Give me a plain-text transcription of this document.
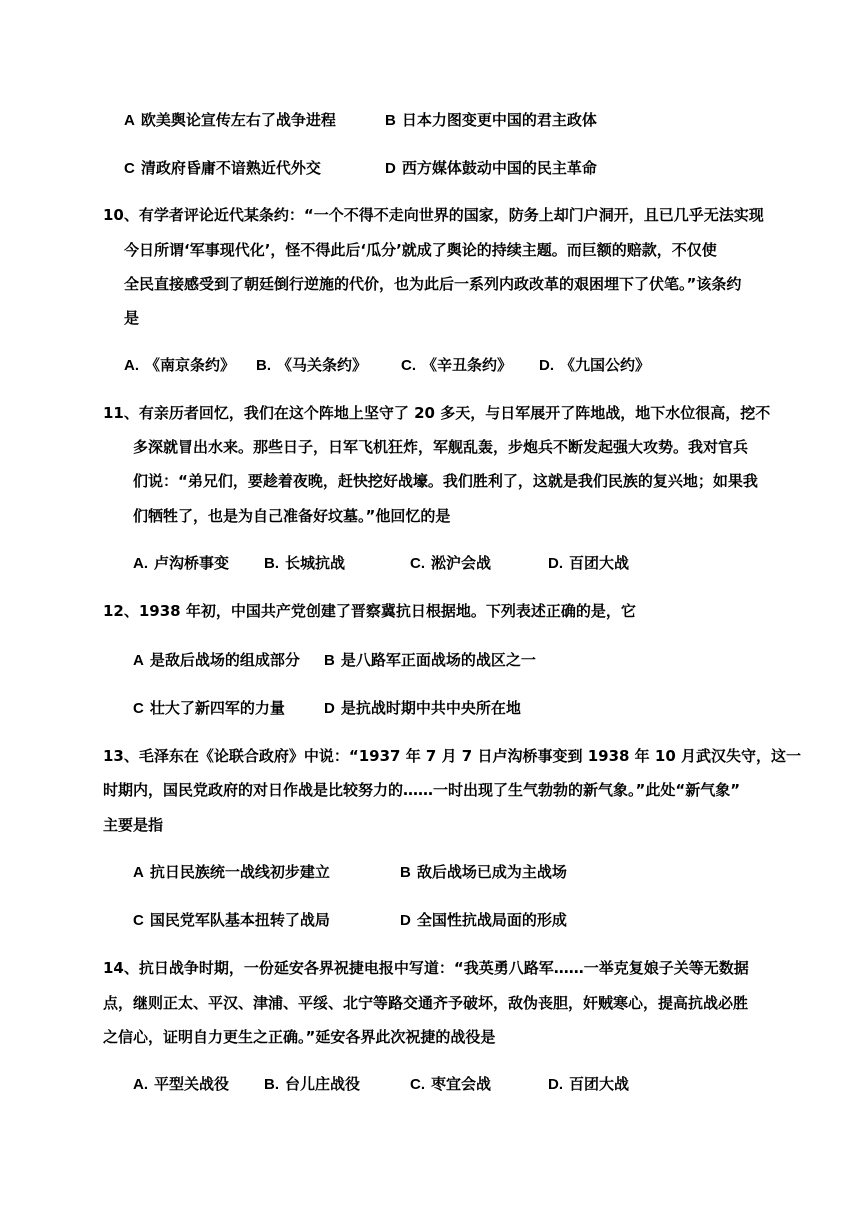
A 欧美舆论宣传左右了战争进程	B 日本力图变更中国的君主政体
C 清政府昏庸不谙熟近代外交	D 西方媒体鼓动中国的民主革命
10、有学者评论近代某条约：“一个不得不走向世界的国家，防务上却门户洞开，且已几乎无法实现
今日所谓‘军事现代化’，怪不得此后‘瓜分’就成了舆论的持续主题。而巨额的赔款，不仅使
全民直接感受到了朝廷倒行逆施的代价，也为此后一系列内政改革的艰困埋下了伏笔。”该条约
是
A. 《南京条约》 B. 《马关条约》 C. 《辛丑条约》 D. 《九国公约》
11、有亲历者回忆，我们在这个阵地上坚守了 20 多天，与日军展开了阵地战，地下水位很高，挖不
多深就冒出水来。那些日子，日军飞机狂炸，军舰乱轰，步炮兵不断发起强大攻势。我对官兵
们说：“弟兄们，要趁着夜晚，赶快挖好战壕。我们胜利了，这就是我们民族的复兴地；如果我
们牺牲了，也是为自己准备好坟墓。”他回忆的是
A. 卢沟桥事变 B. 长城抗战	C. 淞沪会战	D. 百团大战
12、1938 年初，中国共产党创建了晋察冀抗日根据地。下列表述正确的是，它
A 是敌后战场的组成部分 B 是八路军正面战场的战区之一
C 壮大了新四军的力量	D 是抗战时期中共中央所在地
13、毛泽东在《论联合政府》中说：“1937 年 7 月 7 日卢沟桥事变到 1938 年 10 月武汉失守，这一
时期内，国民党政府的对日作战是比较努力的……一时出现了生气勃勃的新气象。”此处“新气象”
主要是指
A 抗日民族统一战线初步建立	B 敌后战场已成为主战场
C 国民党军队基本扭转了战局	D 全国性抗战局面的形成
14、抗日战争时期，一份延安各界祝捷电报中写道：“我英勇八路军……一举克复娘子关等无数据
点，继则正太、平汉、津浦、平绥、北宁等路交通齐予破坏，敌伪丧胆，奸贼寒心，提高抗战必胜
之信心，证明自力更生之正确。”延安各界此次祝捷的战役是
A. 平型关战役 B. 台儿庄战役	C. 枣宜会战	D. 百团大战
